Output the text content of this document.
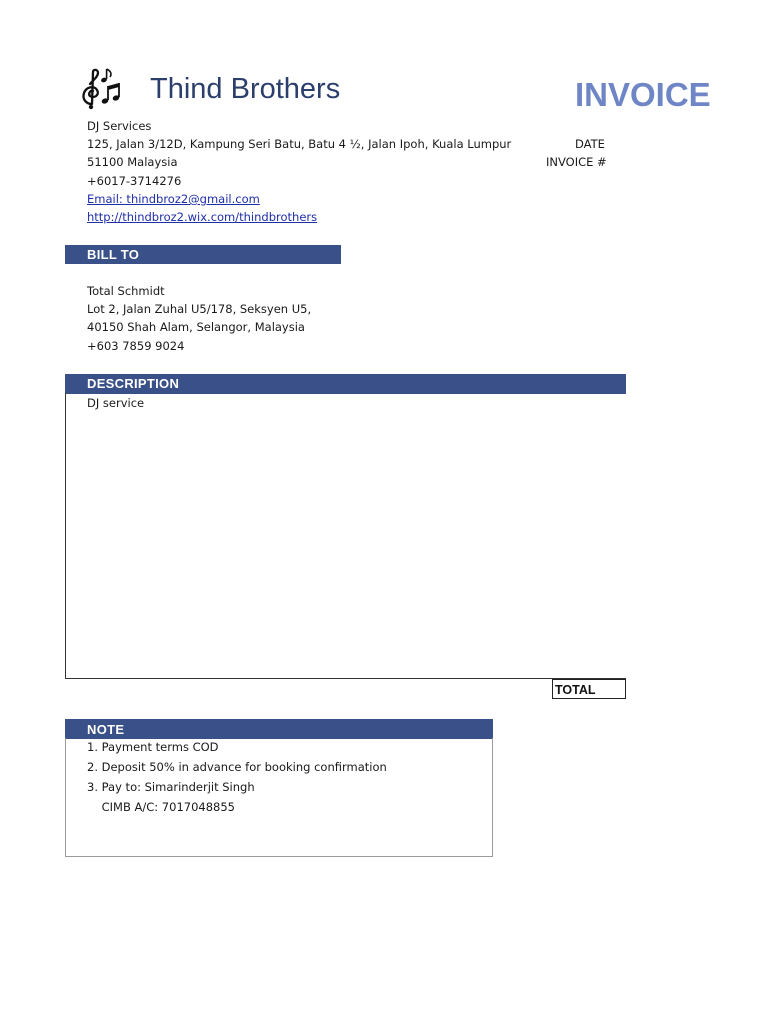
Thind Brothers	INVOICE
DJ Services
125, Jalan 3/12D, Kampung Seri Batu, Batu 4 ½, Jalan Ipoh, Kuala Lumpur
51100 Malaysia
+6017-3714276
Email: thindbroz2@gmail.com
http://thindbroz2.wix.com/thindbrothers
DATE
INVOICE #
BILL TO
Total Schmidt
Lot 2, Jalan Zuhal U5/178, Seksyen U5,
40150 Shah Alam, Selangor, Malaysia
+603 7859 9024
DESCRIPTION
DJ service
TOTAL
NOTE
1. Payment terms COD
2. Deposit 50% in advance for booking confirmation
3. Pay to: Simarinderjit Singh
CIMB A/C: 7017048855
